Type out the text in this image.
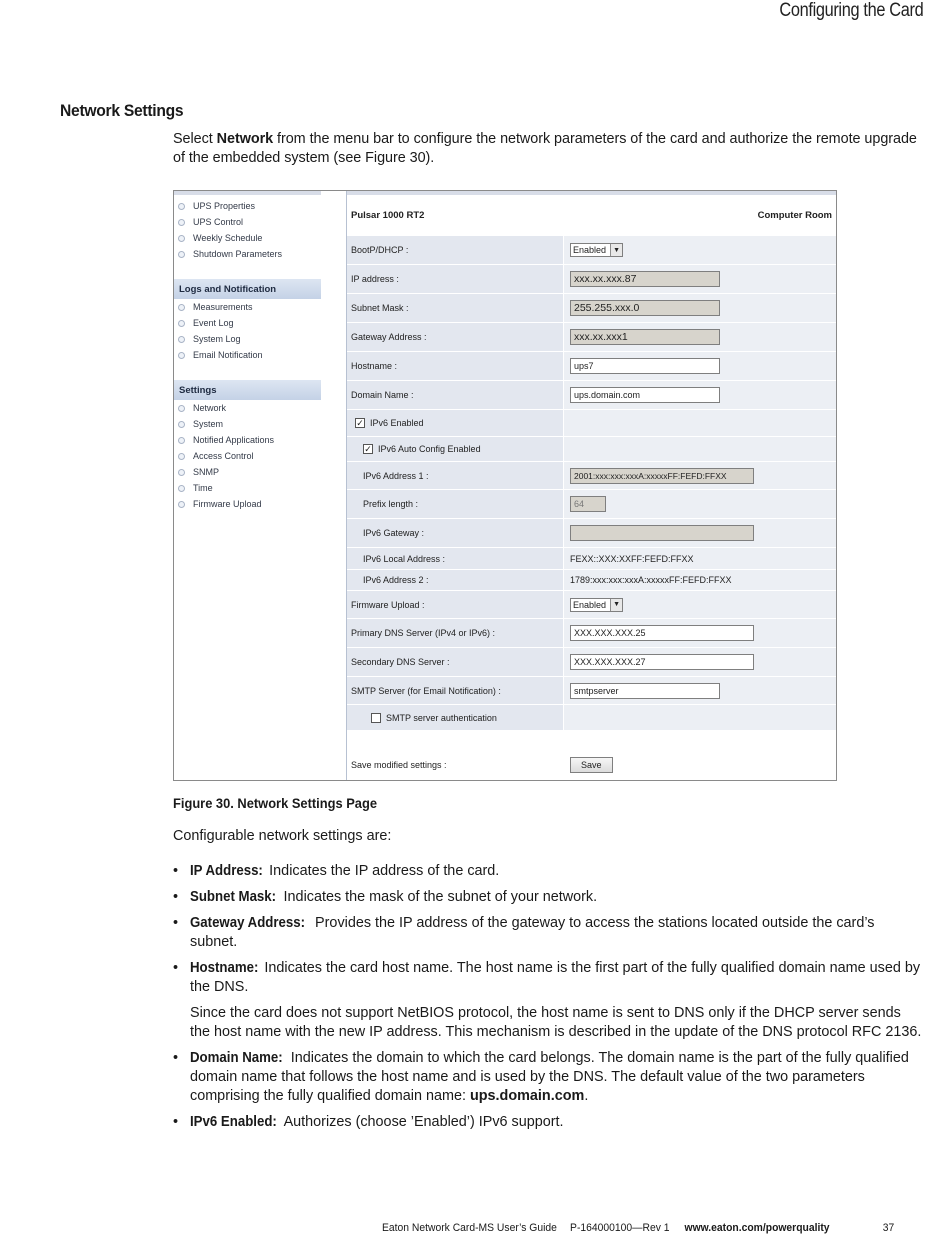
Configuring the Card
Network Settings

Select Network from the menu bar to configure the network parameters of the card and authorize the remote upgrade of the embedded system (see Figure 30).

UPS Properties
UPS Control
Weekly Schedule
Shutdown Parameters
Logs and Notification
Measurements
Event Log
System Log
Email Notification
Settings
Network
System
Notified Applications
Access Control
SNMP
Time
Firmware Upload
Pulsar 1000 RT2	Computer Room
BootP/DHCP :	Enabled	▼
IP address :	xxx.xx.xxx.87
Subnet Mask :	255.255.xxx.0
Gateway Address :	xxx.xx.xxx1
Hostname :	ups7
Domain Name :	ups.domain.com
✓ IPv6 Enabled
✓ IPv6 Auto Config Enabled
IPv6 Address 1 :	2001:xxx:xxx:xxxA:xxxxxFF:FEFD:FFXX
Prefix length :	64
IPv6 Gateway :
IPv6 Local Address :	FEXX::XXX:XXFF:FEFD:FFXX
IPv6 Address 2 :	1789:xxx:xxx:xxxA:xxxxxFF:FEFD:FFXX
Firmware Upload :	Enabled	▼
Primary DNS Server (IPv4 or IPv6) :	XXX.XXX.XXX.25
Secondary DNS Server :	XXX.XXX.XXX.27
SMTP Server (for Email Notification) :	smtpserver
SMTP server authentication
Save modified settings :	Save
Figure 30. Network Settings Page
Configurable network settings are:
• IP Address: Indicates the IP address of the card.
• Subnet Mask: Indicates the mask of the subnet of your network.
• Gateway Address: Provides the IP address of the gateway to access the stations located outside the card’s subnet.
• Hostname: Indicates the card host name. The host name is the first part of the fully qualified domain name used by the DNS.
Since the card does not support NetBIOS protocol, the host name is sent to DNS only if the DHCP server sends the host name with the new IP address. This mechanism is described in the update of the DNS protocol RFC 2136.
• Domain Name: Indicates the domain to which the card belongs. The domain name is the part of the fully qualified domain name that follows the host name and is used by the DNS. The default value of the two parameters comprising the fully qualified domain name: ups.domain.com.
• IPv6 Enabled: Authorizes (choose ’Enabled’) IPv6 support.
Eaton Network Card-MS User’s Guide P-164000100—Rev 1 www.eaton.com/powerquality	37
